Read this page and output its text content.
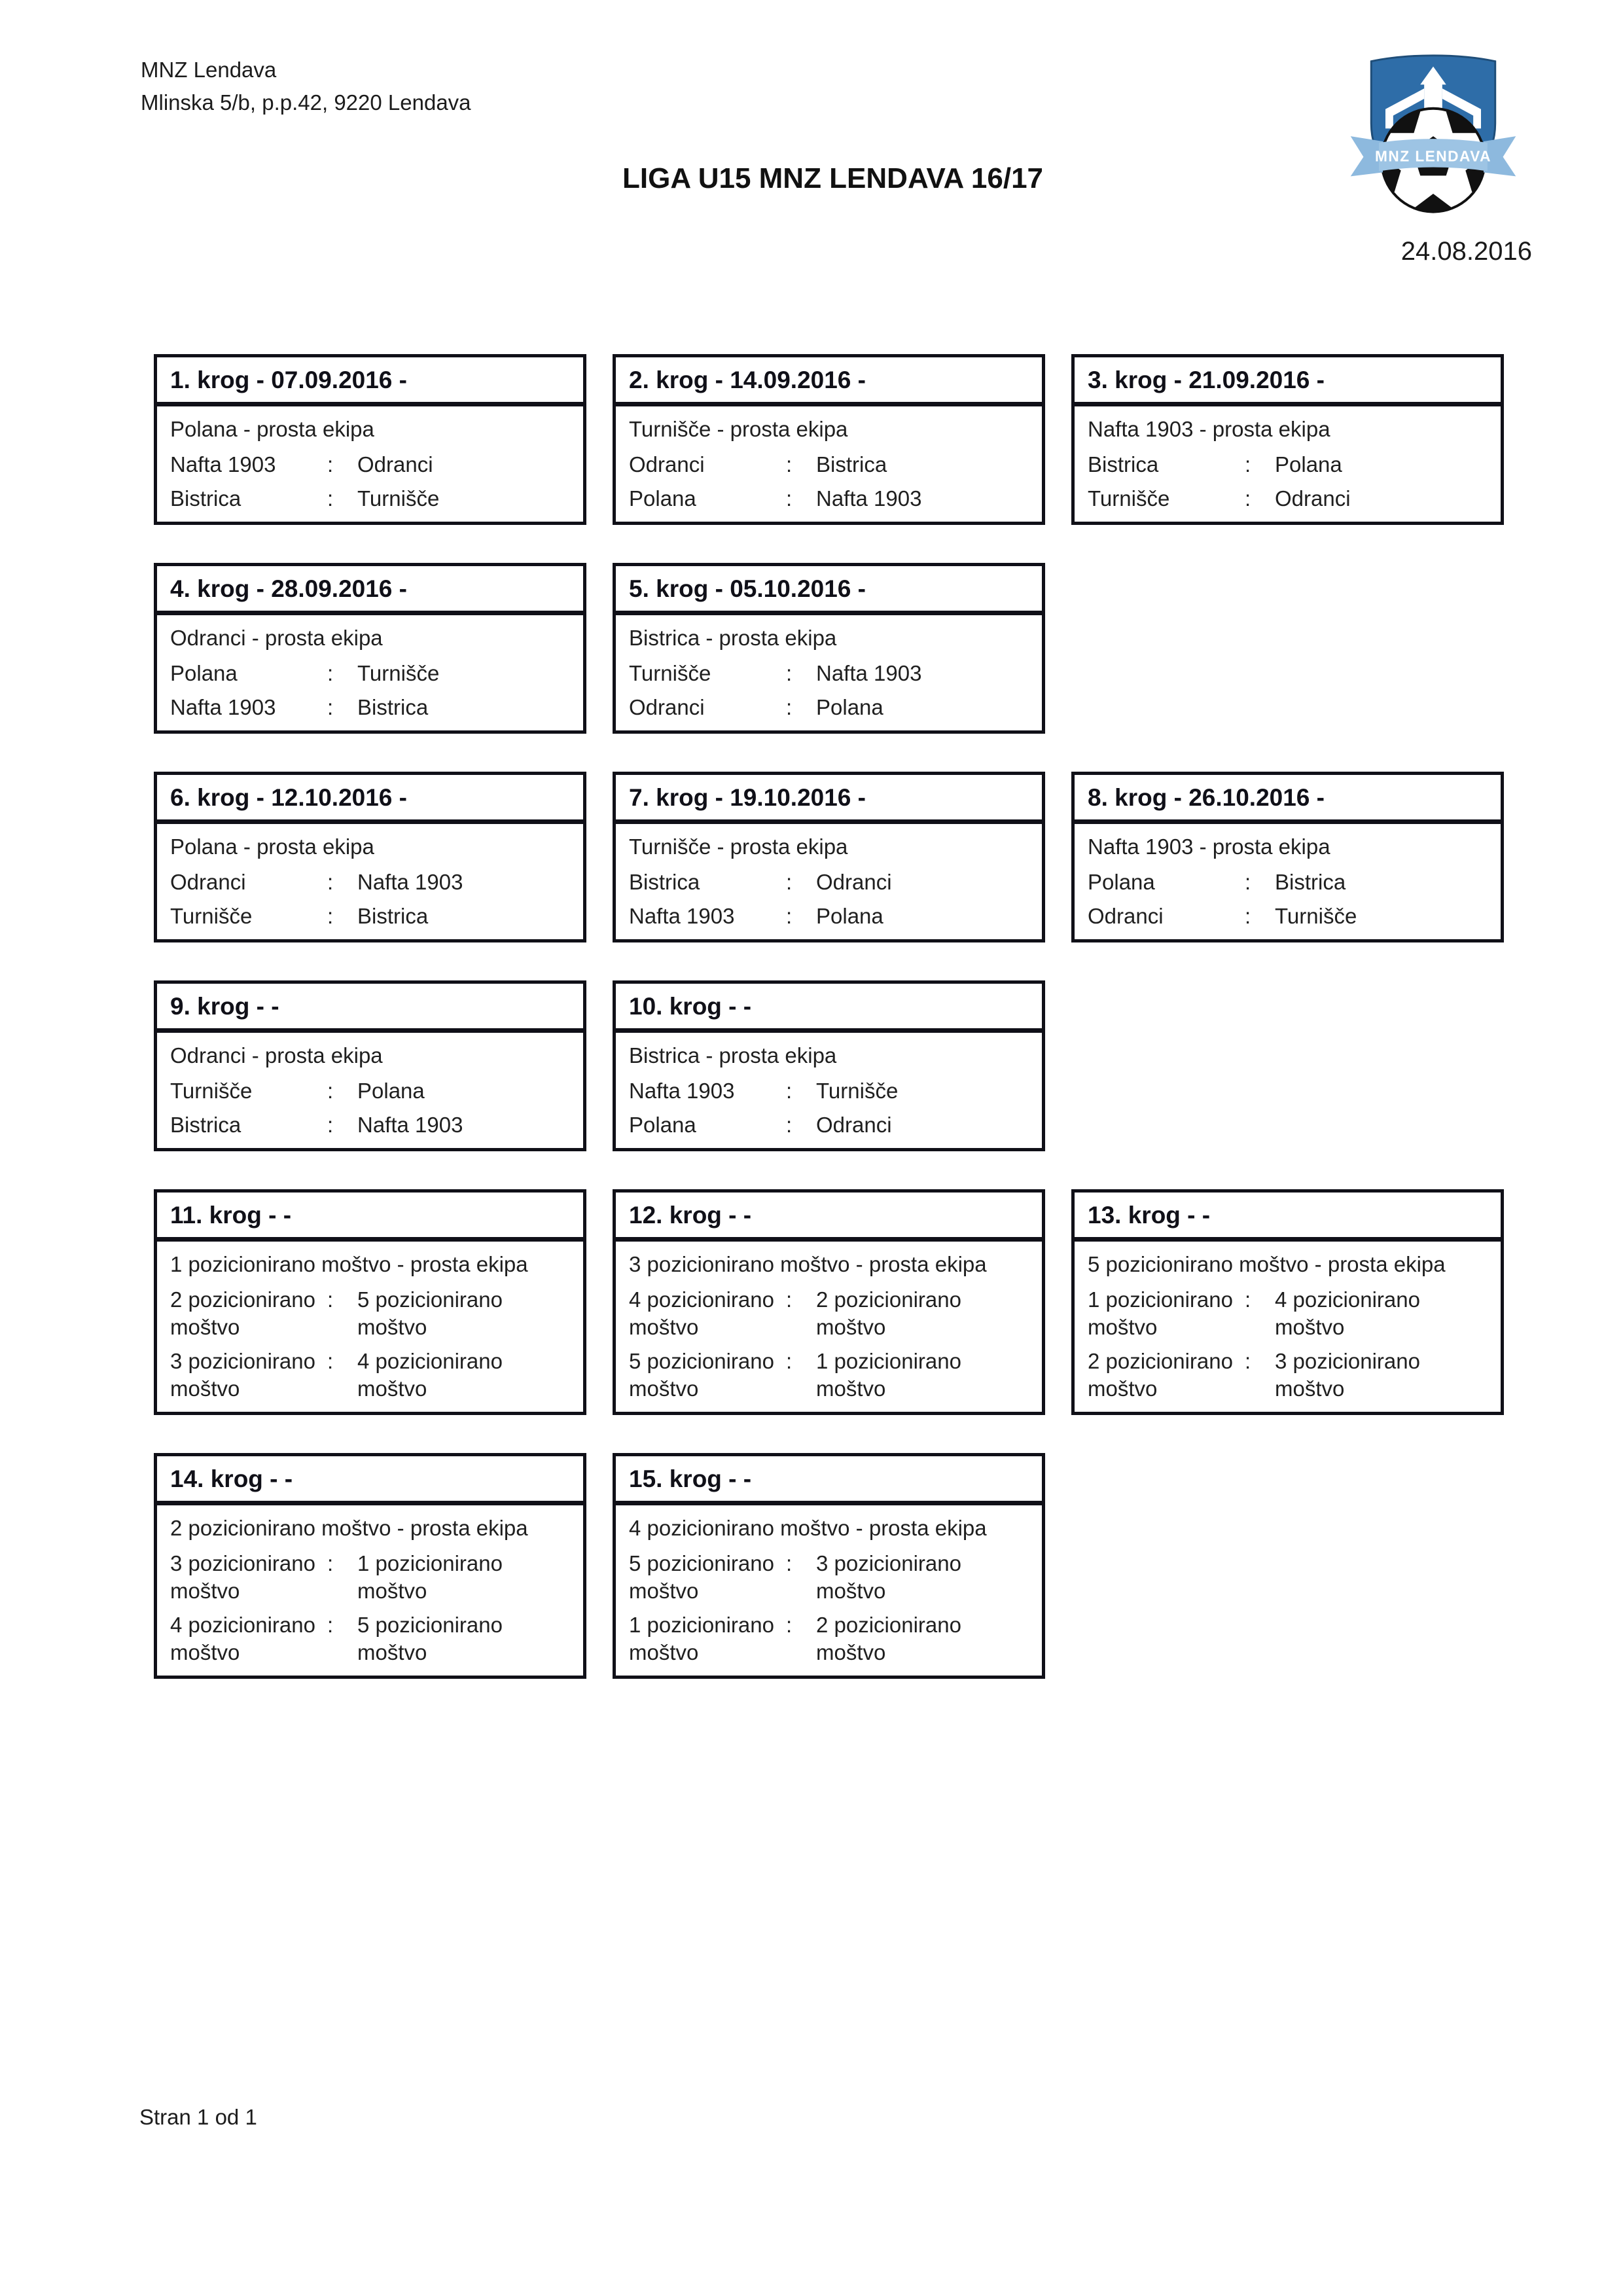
MNZ Lendava
Mlinska 5/b, p.p.42, 9220 Lendava
LIGA U15 MNZ LENDAVA 16/17
MNZ LENDAVA
24.08.2016
1. krog - 07.09.2016 -
Polana - prosta ekipa
Nafta 1903	:	Odranci
Bistrica	:	Turnišče
2. krog - 14.09.2016 -
Turnišče - prosta ekipa
Odranci	:	Bistrica
Polana	:	Nafta 1903
3. krog - 21.09.2016 -
Nafta 1903 - prosta ekipa
Bistrica	:	Polana
Turnišče	:	Odranci
4. krog - 28.09.2016 -
Odranci - prosta ekipa
Polana	:	Turnišče
Nafta 1903	:	Bistrica
5. krog - 05.10.2016 -
Bistrica - prosta ekipa
Turnišče	:	Nafta 1903
Odranci	:	Polana
6. krog - 12.10.2016 -
Polana - prosta ekipa
Odranci	:	Nafta 1903
Turnišče	:	Bistrica
7. krog - 19.10.2016 -
Turnišče - prosta ekipa
Bistrica	:	Odranci
Nafta 1903	:	Polana
8. krog - 26.10.2016 -
Nafta 1903 - prosta ekipa
Polana	:	Bistrica
Odranci	:	Turnišče
9. krog - -
Odranci - prosta ekipa
Turnišče	:	Polana
Bistrica	:	Nafta 1903
10. krog - -
Bistrica - prosta ekipa
Nafta 1903	:	Turnišče
Polana	:	Odranci
11. krog - -
1 pozicionirano moštvo - prosta ekipa
2 pozicionirano moštvo
:	5 pozicionirano moštvo
3 pozicionirano moštvo
:	4 pozicionirano moštvo
12. krog - -
3 pozicionirano moštvo - prosta ekipa
4 pozicionirano moštvo
:	2 pozicionirano moštvo
5 pozicionirano moštvo
:	1 pozicionirano moštvo
13. krog - -
5 pozicionirano moštvo - prosta ekipa
1 pozicionirano moštvo
:	4 pozicionirano moštvo
2 pozicionirano moštvo
:	3 pozicionirano moštvo
14. krog - -
2 pozicionirano moštvo - prosta ekipa
3 pozicionirano moštvo
:	1 pozicionirano moštvo
4 pozicionirano moštvo
:	5 pozicionirano moštvo
15. krog - -
4 pozicionirano moštvo - prosta ekipa
5 pozicionirano moštvo
:	3 pozicionirano moštvo
1 pozicionirano moštvo
:	2 pozicionirano moštvo
Stran 1 od 1
